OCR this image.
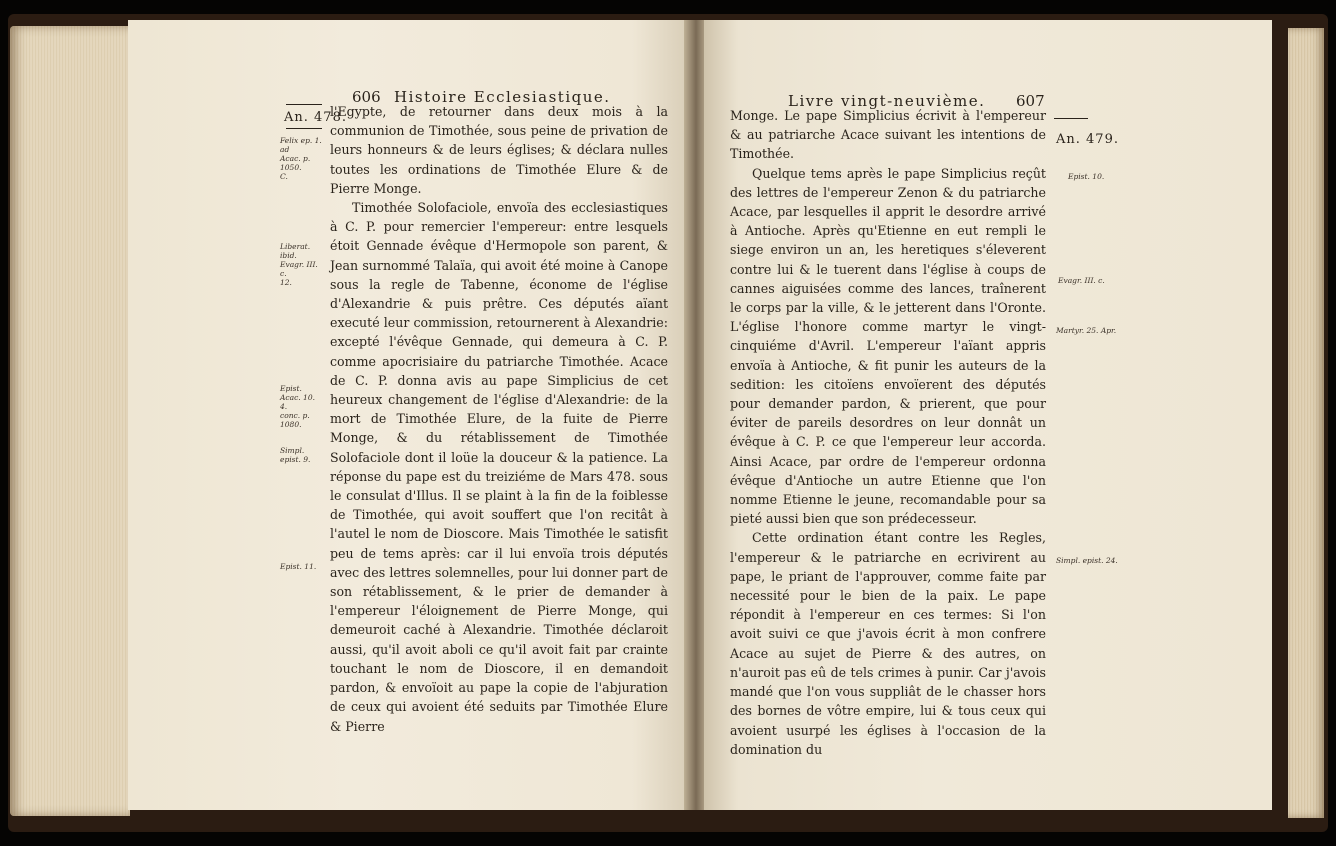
An. 478.
Felix ep. 1. ad
Acac. p. 1050.
C.
Liberat. ibid.
Evagr. III. c.
12.
Epist. Acac. 10. 4.
conc. p. 1080.
Simpl. epist. 9.
Epist. 11.
606 Histoire Ecclesiastique.

l'Egypte, de retourner dans deux mois à la communion de Timothée, sous peine de privation de leurs honneurs & de leurs églises; & déclara nulles toutes les ordinations de Timothée Elure & de Pierre Monge.

Timothée Solofaciole, envoïa des ecclesiastiques à C. P. pour remercier l'empereur: entre lesquels étoit Gennade évêque d'Hermopole son parent, & Jean surnommé Talaïa, qui avoit été moine à Canope sous la regle de Tabenne, économe de l'église d'Alexandrie & puis prêtre. Ces députés aïant executé leur commission, retournerent à Alexandrie: excepté l'évêque Gennade, qui demeura à C. P. comme apocrisiaire du patriarche Timothée. Acace de C. P. donna avis au pape Simplicius de cet heureux changement de l'église d'Alexandrie: de la mort de Timothée Elure, de la fuite de Pierre Monge, & du rétablissement de Timothée Solofaciole dont il loüe la douceur & la patience. La réponse du pape est du treiziéme de Mars 478. sous le consulat d'Illus. Il se plaint à la fin de la foiblesse de Timothée, qui avoit souffert que l'on recitât à l'autel le nom de Dioscore. Mais Timothée le satisfit peu de tems après: car il lui envoïa trois députés avec des lettres solemnelles, pour lui donner part de son rétablissement, & le prier de demander à l'empereur l'éloignement de Pierre Monge, qui demeuroit caché à Alexandrie. Timothée déclaroit aussi, qu'il avoit aboli ce qu'il avoit fait par crainte touchant le nom de Dioscore, il en demandoit pardon, & envoïoit au pape la copie de l'abjuration de ceux qui avoient été seduits par Timothée Elure & Pierre

Livre vingt-neuvième. 607

Monge. Le pape Simplicius écrivit à l'empereur & au patriarche Acace suivant les intentions de Timothée.

Quelque tems après le pape Simplicius reçût des lettres de l'empereur Zenon & du patriarche Acace, par lesquelles il apprit le desordre arrivé à Antioche. Après qu'Etienne en eut rempli le siege environ un an, les heretiques s'éleverent contre lui & le tuerent dans l'église à coups de cannes aiguisées comme des lances, traînerent le corps par la ville, & le jetterent dans l'Oronte. L'église l'honore comme martyr le vingt-cinquiéme d'Avril. L'empereur l'aïant appris envoïa à Antioche, & fit punir les auteurs de la sedition: les citoïens envoïerent des députés pour demander pardon, & prierent, que pour éviter de pareils desordres on leur donnât un évêque à C. P. ce que l'empereur leur accorda. Ainsi Acace, par ordre de l'empereur ordonna évêque d'Antioche un autre Etienne que l'on nomme Etienne le jeune, recomandable pour sa pieté aussi bien que son prédecesseur.

Cette ordination étant contre les Regles, l'empereur & le patriarche en ecrivirent au pape, le priant de l'approuver, comme faite par necessité pour le bien de la paix. Le pape répondit à l'empereur en ces termes: Si l'on avoit suivi ce que j'avois écrit à mon confrere Acace au sujet de Pierre & des autres, on n'auroit pas eû de tels crimes à punir. Car j'avois mandé que l'on vous suppliât de le chasser hors des bornes de vôtre empire, lui & tous ceux qui avoient usurpé les églises à l'occasion de la domination du

An. 479.
Epist. 10.
Evagr. III. c.
Martyr. 25. Apr.
Simpl. epist. 24.
